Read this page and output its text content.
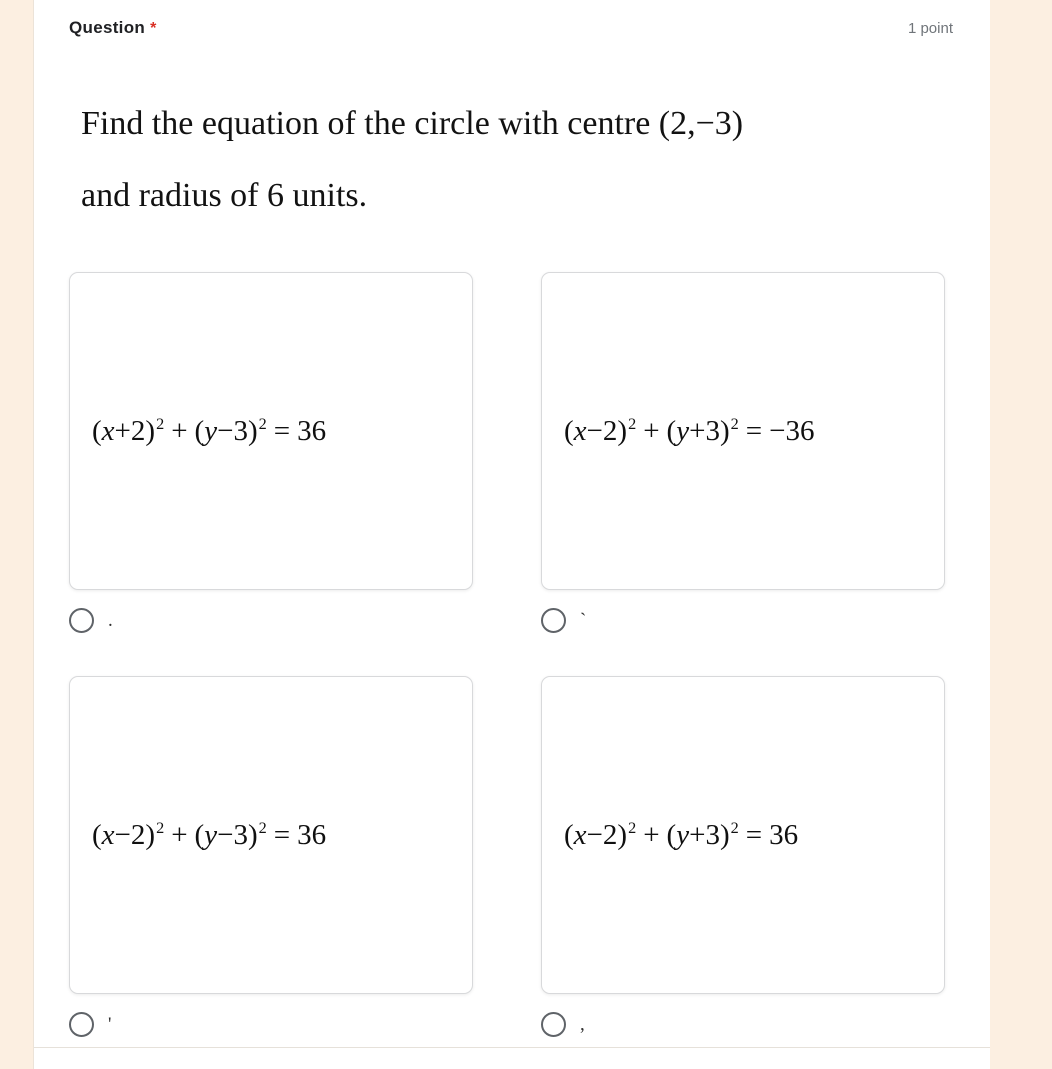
Question *	1 point
Find the equation of the circle with centre (2,−3)
and radius of 6 units.
$(x+2)^2 + (y-3)^2 = 36$
.
$(x-2)^2 + (y+3)^2 = -36$
`
$(x-2)^2 + (y-3)^2 = 36$
'
$(x-2)^2 + (y+3)^2 = 36$
,
